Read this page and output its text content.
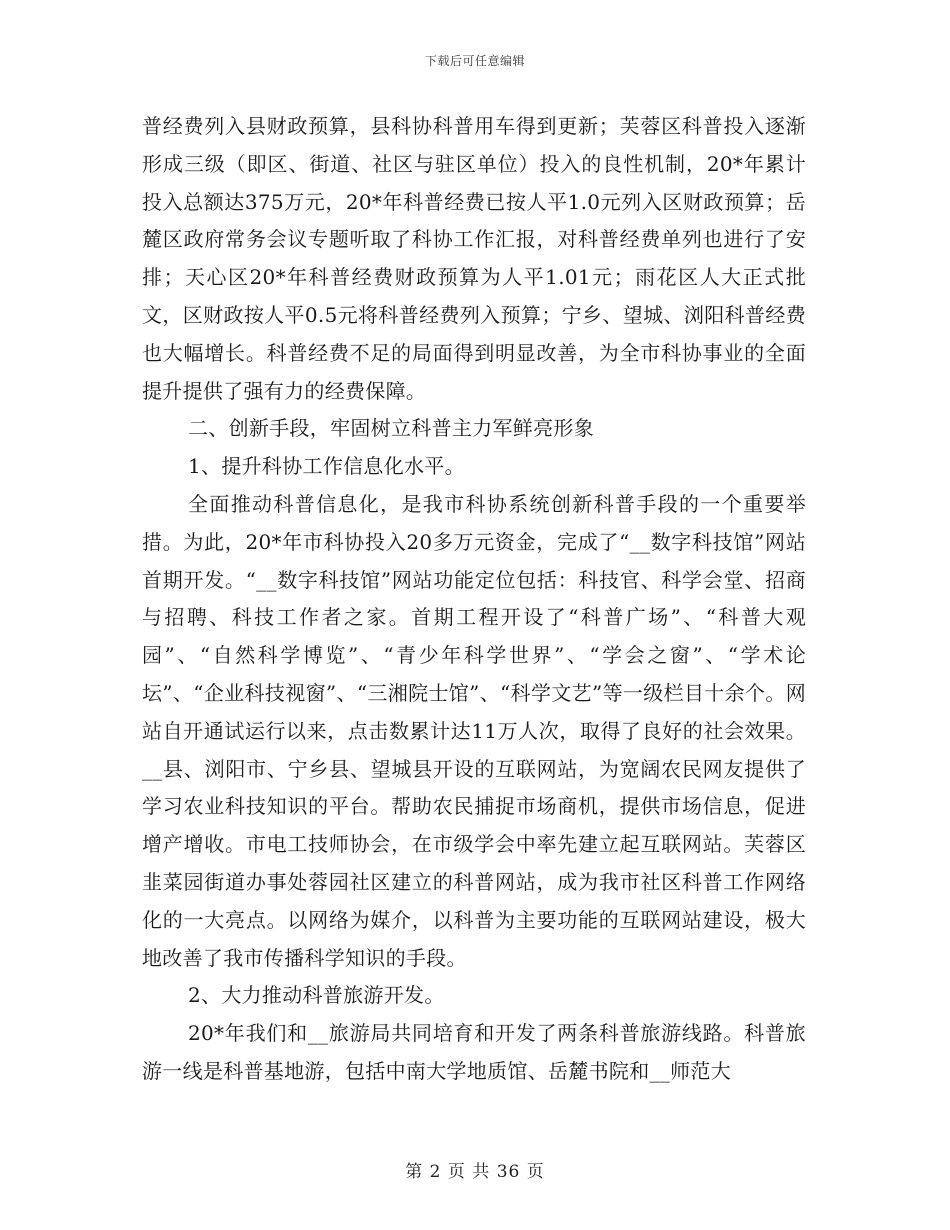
下载后可任意编辑

普经费列入县财政预算，县科协科普用车得到更新；芙蓉区科普投入逐渐形成三级（即区、街道、社区与驻区单位）投入的良性机制，20*年累计投入总额达375万元，20*年科普经费已按人平1.0元列入区财政预算；岳麓区政府常务会议专题听取了科协工作汇报，对科普经费单列也进行了安排；天心区20*年科普经费财政预算为人平1.01元；雨花区人大正式批文，区财政按人平0.5元将科普经费列入预算；宁乡、望城、浏阳科普经费也大幅增长。科普经费不足的局面得到明显改善，为全市科协事业的全面提升提供了强有力的经费保障。

二、创新手段，牢固树立科普主力军鲜亮形象

1、提升科协工作信息化水平。

全面推动科普信息化，是我市科协系统创新科普手段的一个重要举措。为此，20*年市科协投入20多万元资金，完成了“__数字科技馆”网站首期开发。“__数字科技馆”网站功能定位包括：科技官、科学会堂、招商与招聘、科技工作者之家。首期工程开设了“科普广场”、“科普大观园”、“自然科学博览”、“青少年科学世界”、“学会之窗”、“学术论坛”、“企业科技视窗”、“三湘院士馆”、“科学文艺”等一级栏目十余个。网站自开通试运行以来，点击数累计达11万人次，取得了良好的社会效果。__县、浏阳市、宁乡县、望城县开设的互联网站，为宽阔农民网友提供了学习农业科技知识的平台。帮助农民捕捉市场商机，提供市场信息，促进增产增收。市电工技师协会，在市级学会中率先建立起互联网站。芙蓉区韭菜园街道办事处蓉园社区建立的科普网站，成为我市社区科普工作网络化的一大亮点。以网络为媒介，以科普为主要功能的互联网站建设，极大地改善了我市传播科学知识的手段。

2、大力推动科普旅游开发。

20*年我们和__旅游局共同培育和开发了两条科普旅游线路。科普旅游一线是科普基地游，包括中南大学地质馆、岳麓书院和__师范大

第 2 页 共 36 页
